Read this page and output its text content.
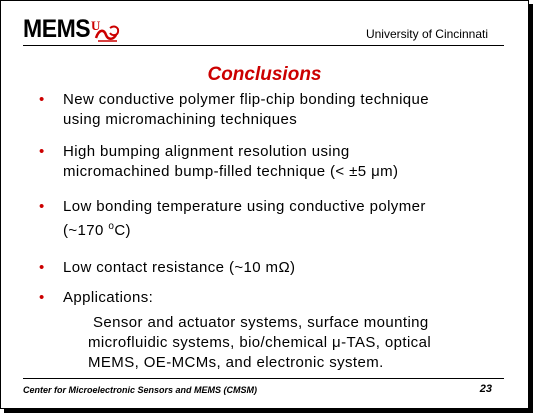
MEMS U
University of Cincinnati
Conclusions
•	New conductive polymer flip-chip bonding technique
using micromachining techniques
•	High bumping alignment resolution using
micromachined bump-filled technique (< ±5 μm)
•	Low bonding temperature using conductive polymer
(~170 $^o$C)
•	Low contact resistance (~10 mΩ)
•	Applications:
Sensor and actuator systems, surface mounting
microfluidic systems, bio/chemical μ-TAS, optical
MEMS, OE-MCMs, and electronic system.
Center for Microelectronic Sensors and MEMS (CMSM)	23
